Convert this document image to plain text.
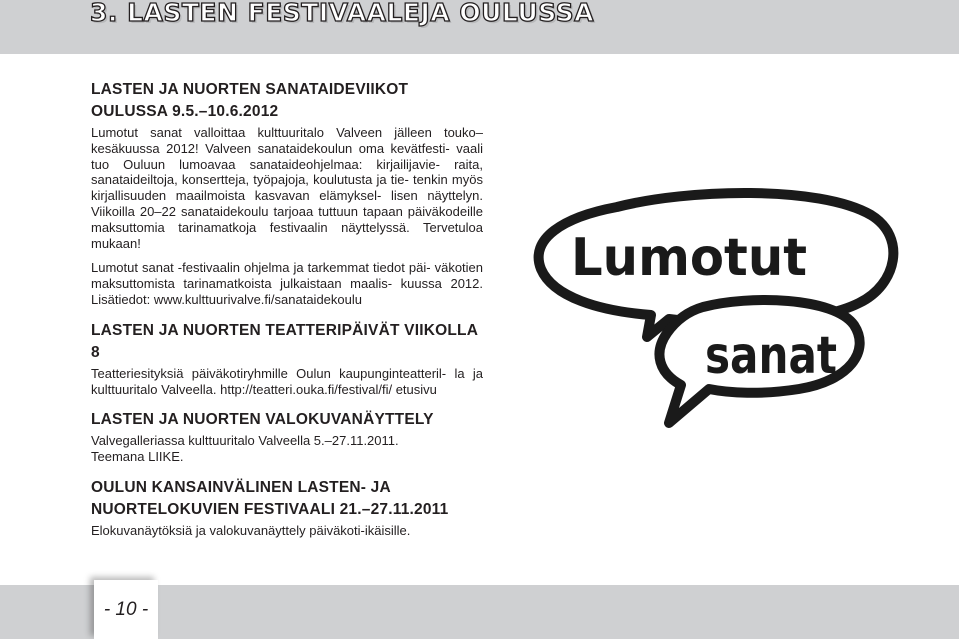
3. LASTEN FESTIVAALEJA OULUSSA
LASTEN JA NUORTEN SANATAIDEVIIKOT
OULUSSA 9.5.–10.6.2012

Lumotut sanat valloittaa kulttuuritalo Valveen jälleen touko– kesäkuussa 2012! Valveen sanataidekoulun oma kevätfesti- vaali tuo Ouluun lumoavaa sanataideohjelmaa: kirjailijavie- raita, sanataideiltoja, konsertteja, työpajoja, koulutusta ja tie- tenkin myös kirjallisuuden maailmoista kasvavan elämyksel- lisen näyttelyn. Viikoilla 20–22 sanataidekoulu tarjoaa tuttuun tapaan päiväkodeille maksuttomia tarinamatkoja festivaalin näyttelyssä. Tervetuloa mukaan!

Lumotut sanat -festivaalin ohjelma ja tarkemmat tiedot päi- väkotien maksuttomista tarinamatkoista julkaistaan maalis- kuussa 2012. Lisätiedot: www.kulttuurivalve.fi/sanataidekoulu

LASTEN JA NUORTEN TEATTERIPÄIVÄT VIIKOLLA 8

Teatteriesityksiä päiväkotiryhmille Oulun kaupunginteatteril- la ja kulttuuritalo Valveella. http://teatteri.ouka.fi/festival/fi/ etusivu

LASTEN JA NUORTEN VALOKUVANÄYTTELY

Valvegalleriassa kulttuuritalo Valveella 5.–27.11.2011.
Teemana LIIKE.

OULUN KANSAINVÄLINEN LASTEN- JA
NUORTELOKUVIEN FESTIVAALI 21.–27.11.2011

Elokuvanäytöksiä ja valokuvanäyttely päiväkoti-ikäisille.

Lumotut
sanat
- 10 -
